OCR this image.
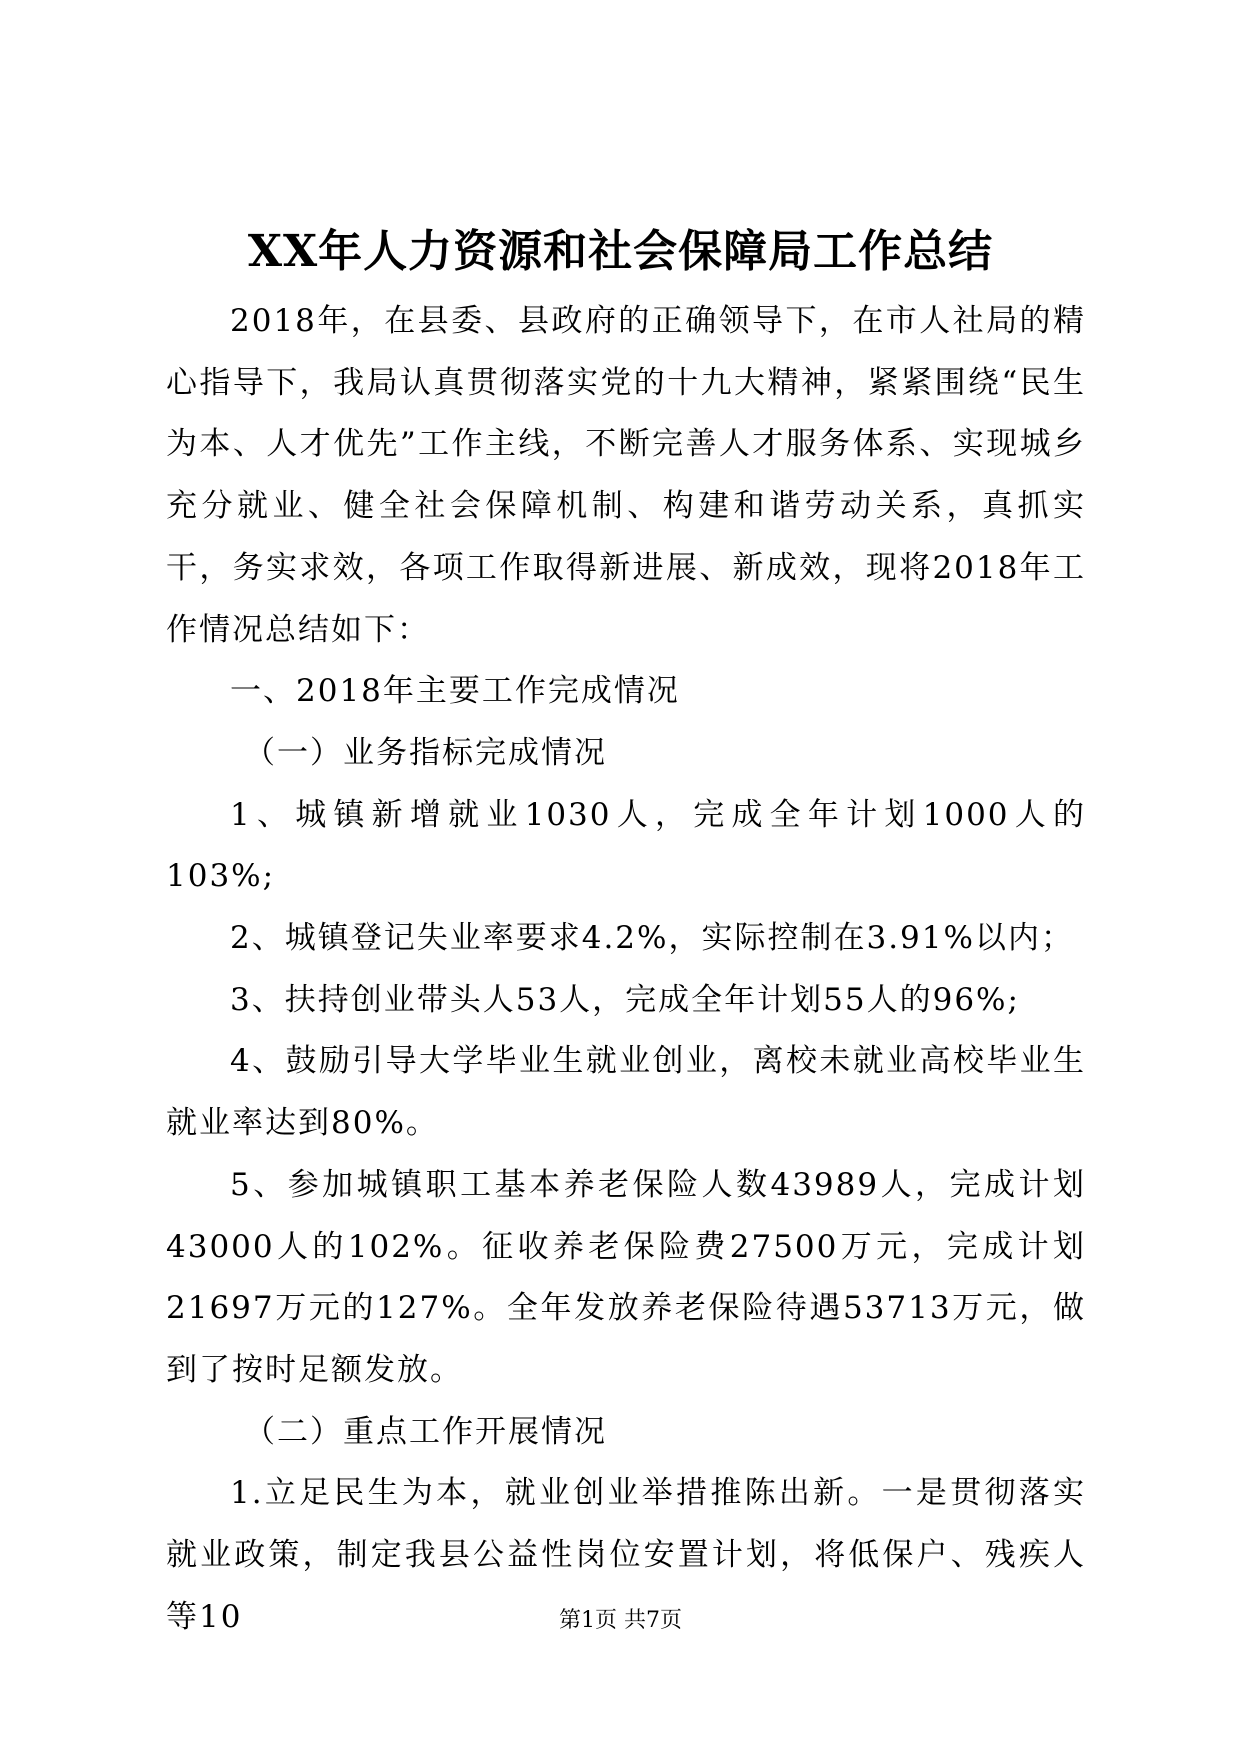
XX年人力资源和社会保障局工作总结

2018年，在县委、县政府的正确领导下，在市人社局的精心指导下，我局认真贯彻落实党的十九大精神，紧紧围绕“民生为本、人才优先”工作主线，不断完善人才服务体系、实现城乡充分就业、健全社会保障机制、构建和谐劳动关系，真抓实干，务实求效，各项工作取得新进展、新成效，现将2018年工作情况总结如下：

一、2018年主要工作完成情况

（一）业务指标完成情况

1、城镇新增就业1030人，完成全年计划1000人的103%;

2、城镇登记失业率要求4.2%，实际控制在3.91%以内；

3、扶持创业带头人53人，完成全年计划55人的96%;

4、鼓励引导大学毕业生就业创业，离校未就业高校毕业生就业率达到80%。

5、参加城镇职工基本养老保险人数43989人，完成计划43000人的102%。征收养老保险费27500万元，完成计划21697万元的127%。全年发放养老保险待遇53713万元，做到了按时足额发放。

（二）重点工作开展情况

1.立足民生为本，就业创业举措推陈出新。一是贯彻落实就业政策，制定我县公益性岗位安置计划，将低保户、残疾人等10	第1页 共7页
